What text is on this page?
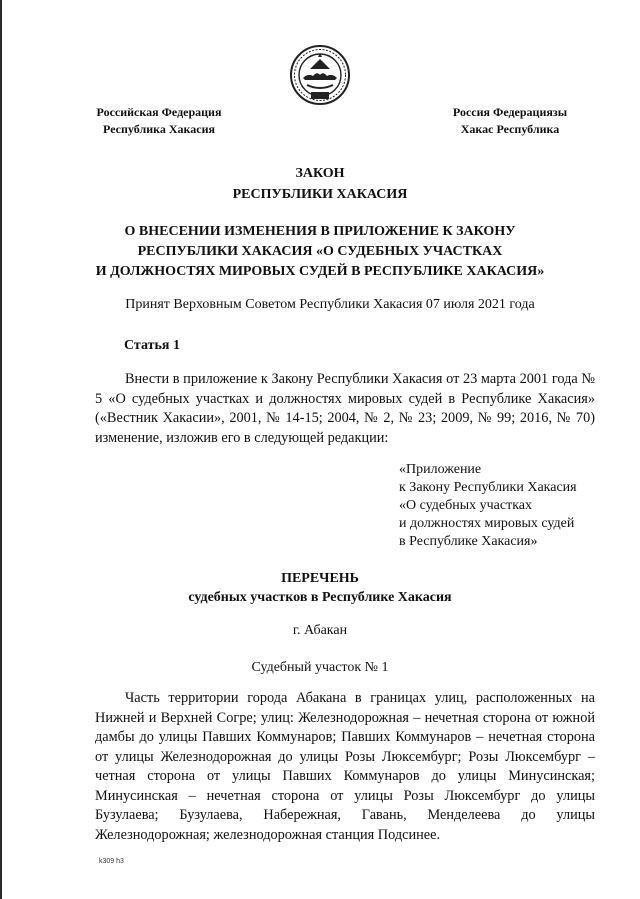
Российская Федерация
Республика Хакасия
Россия Федерациязы
Хакас Республика
ЗАКОН
РЕСПУБЛИКИ ХАКАСИЯ
О ВНЕСЕНИИ ИЗМЕНЕНИЯ В ПРИЛОЖЕНИЕ К ЗАКОНУ
РЕСПУБЛИКИ ХАКАСИЯ «О СУДЕБНЫХ УЧАСТКАХ
И ДОЛЖНОСТЯХ МИРОВЫХ СУДЕЙ В РЕСПУБЛИКЕ ХАКАСИЯ»
Принят Верховным Советом Республики Хакасия 07 июля 2021 года
Статья 1

Внести в приложение к Закону Республики Хакасия от 23 марта 2001 года № 5 «О судебных участках и должностях мировых судей в Республике Хакасия» («Вестник Хакасии», 2001, № 14-15; 2004, № 2, № 23; 2009, № 99; 2016, № 70) изменение, изложив его в следующей редакции:

«Приложение
к Закону Республики Хакасия
«О судебных участках
и должностях мировых судей
в Республике Хакасия»
ПЕРЕЧЕНЬ
судебных участков в Республике Хакасия
г. Абакан
Судебный участок № 1

Часть территории города Абакана в границах улиц, расположенных на Нижней и Верхней Согре; улиц: Железнодорожная – нечетная сторона от южной дамбы до улицы Павших Коммунаров; Павших Коммунаров – нечетная сторона от улицы Железнодорожная до улицы Розы Люксембург; Розы Люксембург – четная сторона от улицы Павших Коммунаров до улицы Минусинская; Минусинская – нечетная сторона от улицы Розы Люксембург до улицы Бузулаева; Бузулаева, Набережная, Гавань, Менделеева до улицы Железнодорожная; железнодорожная станция Подсинее.

k309 h3
